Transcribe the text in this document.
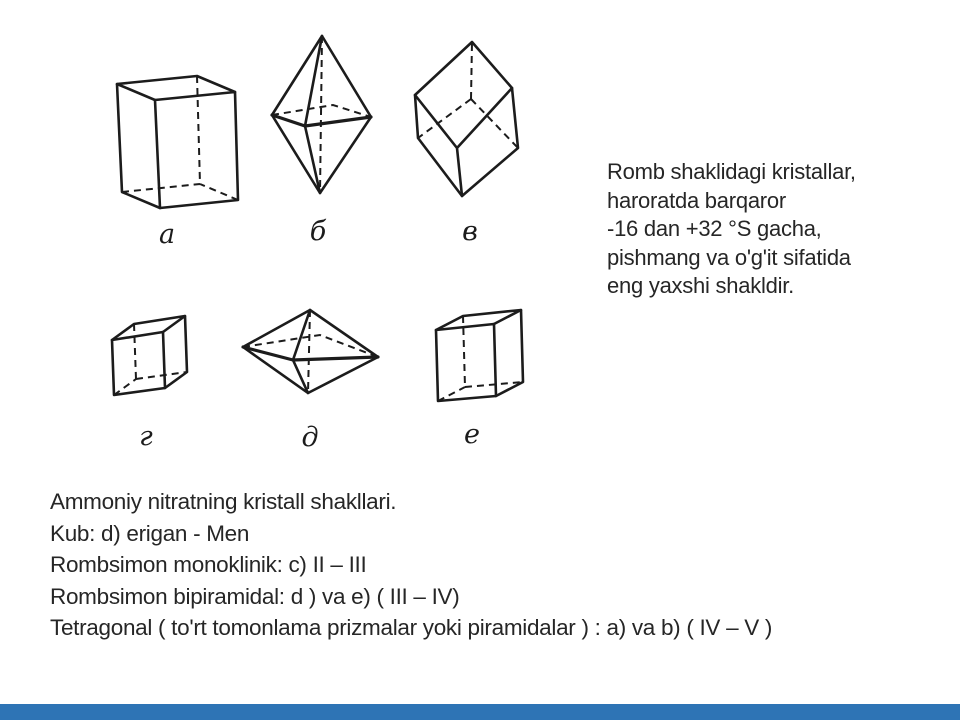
а	б	в
г	д	е
Romb shaklidagi kristallar,
haroratda barqaror
-16 dan +32 °S gacha,
pishmang va o'g'it sifatida
eng yaxshi shakldir.
Ammoniy nitratning kristall shakllari.
Kub: d) erigan - Men
Rombsimon monoklinik: c) II – III
Rombsimon bipiramidal: d ) va e) ( III – IV)
Tetragonal ( to'rt tomonlama prizmalar yoki piramidalar ) : a) va b) ( IV – V )
